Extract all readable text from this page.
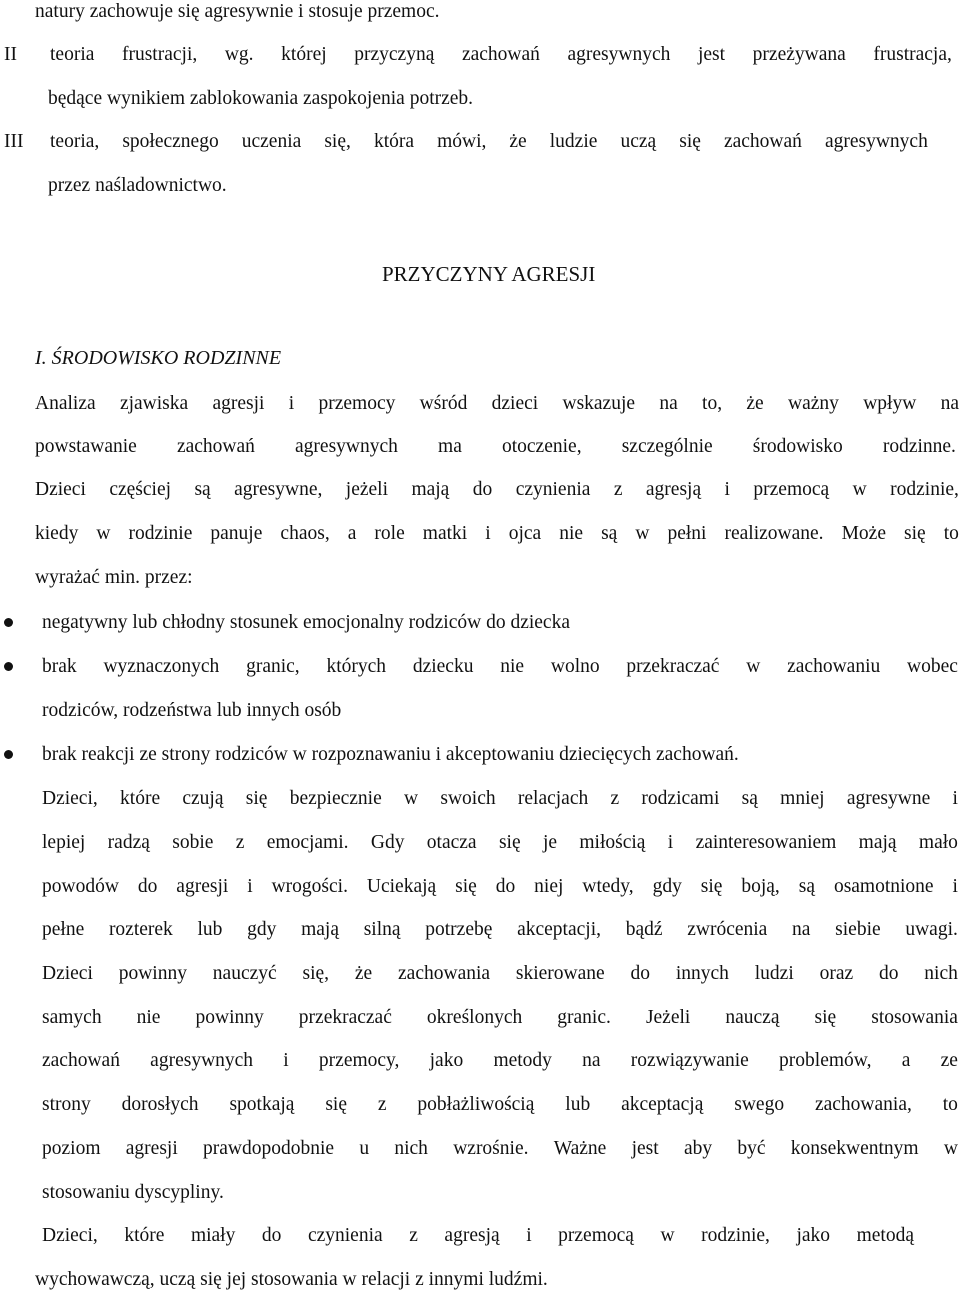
natury zachowuje się agresywnie i stosuje przemoc.
II teoria frustracji, wg. której przyczyną zachowań agresywnych jest przeżywana frustracja,
będące wynikiem zablokowania zaspokojenia potrzeb.
III teoria, społecznego uczenia się, która mówi, że ludzie uczą się zachowań agresywnych
przez naśladownictwo.
PRZYCZYNY AGRESJI
I. ŚRODOWISKO RODZINNE
Analiza zjawiska agresji i przemocy wśród dzieci wskazuje na to, że ważny wpływ na
powstawanie zachowań agresywnych ma otoczenie, szczególnie środowisko rodzinne.
Dzieci częściej są agresywne, jeżeli mają do czynienia z agresją i przemocą w rodzinie,
kiedy w rodzinie panuje chaos, a role matki i ojca nie są w pełni realizowane. Może się to
wyrażać min. przez:
negatywny lub chłodny stosunek emocjonalny rodziców do dziecka
brak wyznaczonych granic, których dziecku nie wolno przekraczać w zachowaniu wobec
rodziców, rodzeństwa lub innych osób
brak reakcji ze strony rodziców w rozpoznawaniu i akceptowaniu dziecięcych zachowań.
Dzieci, które czują się bezpiecznie w swoich relacjach z rodzicami są mniej agresywne i
lepiej radzą sobie z emocjami. Gdy otacza się je miłością i zainteresowaniem mają mało
powodów do agresji i wrogości. Uciekają się do niej wtedy, gdy się boją, są osamotnione i
pełne rozterek lub gdy mają silną potrzebę akceptacji, bądź zwrócenia na siebie uwagi.
Dzieci powinny nauczyć się, że zachowania skierowane do innych ludzi oraz do nich
samych nie powinny przekraczać określonych granic. Jeżeli nauczą się stosowania
zachowań agresywnych i przemocy, jako metody na rozwiązywanie problemów, a ze
strony dorosłych spotkają się z pobłażliwością lub akceptacją swego zachowania, to
poziom agresji prawdopodobnie u nich wzrośnie. Ważne jest aby być konsekwentnym w
stosowaniu dyscypliny.
Dzieci, które miały do czynienia z agresją i przemocą w rodzinie, jako metodą
wychowawczą, uczą się jej stosowania w relacji z innymi ludźmi.
